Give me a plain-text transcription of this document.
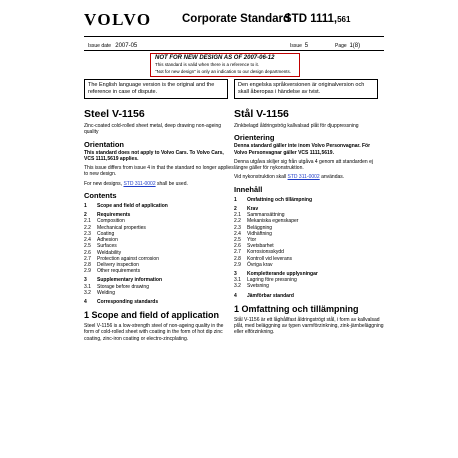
VOLVO	Corporate Standard
STD 1111,561
Issue date 2007-05	Issue 5	Page 1(8)
NOT FOR NEW DESIGN AS OF 2007-06-12
This standard is valid when there is a reference to it.
"Not for new design" is only an indication to our design departments.
The English language version is the original and the reference in case of dispute.
Den engelska språkversionen är originalversion och skall åberopas i händelse av tvist.
Steel V-1156

Zinc-coated cold-rolled sheet metal, deep drawing non-ageing quality

Orientation

This standard does not apply to Volvo Cars. To Volvo Cars, VCS 1111,5619 applies.

This issue differs from issue 4 in that the standard no longer applies to new design.

For new designs, STD 311-0002 shall be used.

Contents
1	Scope and field of application
2	Requirements
2.1	Composition
2.2	Mechanical properties
2.3	Coating
2.4	Adhesion
2.5	Surfaces
2.6	Weldability
2.7	Protection against corrosion
2.8	Delivery inspection
2.9	Other requirements
3	Supplementary information
3.1	Storage before drawing
3.2	Welding
4	Corresponding standards
1 Scope and field of application

Steel V-1156 is a low-strength steel of non-ageing quality in the form of cold-rolled sheet with coating in the form of hot dip zinc coating, zinc-iron coating or electro-zincplating.

Stål V-1156

Zinkbelagd åldringströg kallvalsad plåt för djuppressning

Orientering

Denna standard gäller inte inom Volvo Personvagnar. För Volvo Personvagnar gäller VCS 1111,5619.

Denna utgåva skiljer sig från utgåva 4 genom att standarden ej längre gäller för nykonstruktion.

Vid nykonstruktion skall STD 311-0002 användas.

Innehåll
1	Omfattning och tillämpning
2	Krav
2.1	Sammansättning
2.2	Mekaniska egenskaper
2.3	Beläggning
2.4	Vidhäftning
2.5	Ytor
2.6	Svetsbarhet
2.7	Korrosionsskydd
2.8	Kontroll vid leverans
2.9	Övriga krav
3	Kompletterande upplysningar
3.1	Lagring före pressning
3.2	Svetsning
4	Jämförbar standard
1 Omfattning och tillämpning

Stål V-1156 är ett låghållfast åldringströgt stål, i form av kallvalsad plåt, med beläggning av typen varmförzinkning, zink-järnbeläggning eller elförzinkning.
